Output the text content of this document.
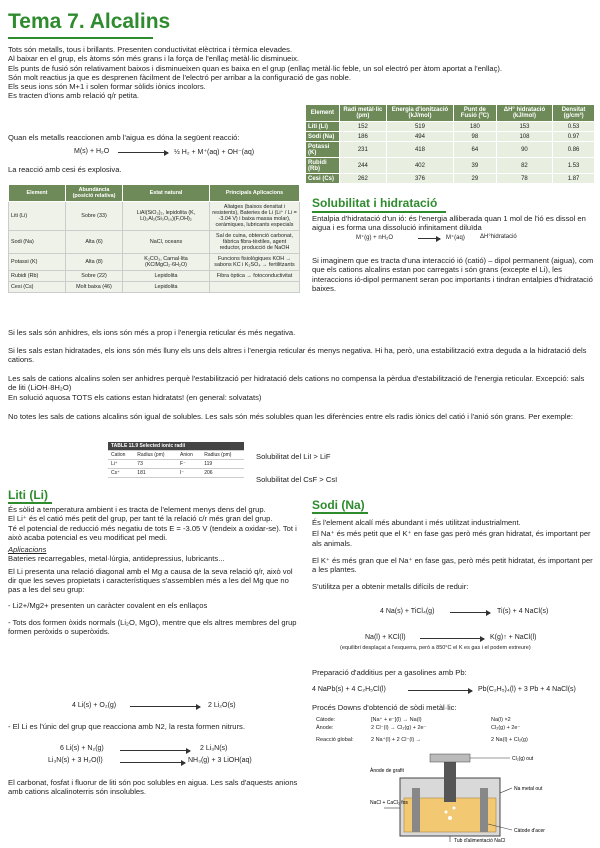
Tema 7. Alcalins

Tots són metalls, tous i brillants. Presenten conductivitat elèctrica i tèrmica elevades.

Al baixar en el grup, els àtoms són més grans i la força de l'enllaç metàl·lic disminueix.

Els punts de fusió són relativament baixos i disminueixen quan es baixa en el grup (enllaç metàl·lic feble, un sol electró per àtom aportat a l'enllaç).

Són molt reactius ja que es desprenen fàcilment de l'electró per arribar a la configuració de gas noble.

Els seus ions són M+1 i solen formar sòlids iònics incolors.

Es tracten d'ions amb relació q/r petita.

Quan els metalls reaccionen amb l'aigua es dóna la següent reacció:
M(s) + H₂O → ½ H₂ + M⁺(aq) + OH⁻(aq)
La reacció amb cesi és explosiva.
Element	Radi metàl·lic (pm)	Energia d'ionització (kJ/mol)	Punt de Fusió (ºC)	ΔH° hidratació (kJ/mol)	Densitat (g/cm³)
Liti (Li)	152	519	180	153	0.53
Sodi (Na)	186	494	98	108	0.97
Potassi (K)	231	418	64	90	0.86
Rubidi (Rb)	244	402	39	82	1.53
Cesi (Cs)	262	376	29	78	1.87
Element	Abundància (posició relativa)	Estat natural	Principals Aplicacions
Liti (Li)	Sobre (33)	LiAl(SiO₃)₂, lepidolita (K, Li)₂Al₂(Si₃O₁₀)(F,OH)₂	Aliatges (baixos densitat i resistents), Bateries de Li (Li⁺ / Li = -3.04 V) i baixa massa molar), ceràmiques, lubricants especials
Sodi (Na)	Alta (6)	NaCl, oceans	Sal de cuina, obtenció carbonat, fàbrica fibra-tèxtiles, agent reductor, producció de NaOH
Potassi (K)	Alta (8)	K₂CO₃, Carnal·lita (KClMgCl₂·6H₂O)	Funcions fisiològiques KOH → sabons KC i K₂SO₄ → fertilitzants
Rubidi (Rb)	Sobre (22)	Lepidolita	Fibra òptica → fotoconductivitat
Cesi (Cs)	Molt baixa (46)	Lepidolita	
Solubilitat i hidratació
Entalpia d'hidratació d'un ió: és l'energia alliberada quan 1 mol de l'ió es dissol en aigua i es forma una dissolució infinitament diluïda
M⁺(g) + nH₂O	M⁺(aq)	ΔH°hidratació
Si imaginem que es tracta d'una interacció ió (catió) – dipol permanent (aigua), com que els cations alcalins estan poc carregats i són grans (excepte el Li), les interaccions ió-dipol permanent seran poc importants i tindran entalpies d'hidratació baixes.
Si les sals són anhidres, els ions són més a prop i l'energia reticular és més negativa.
Si les sals estan hidratades, els ions són més lluny els uns dels altres i l'energia reticular és menys negativa. Hi ha, però, una estabilització extra deguda a la hidratació dels cations.
Les sals de cations alcalins solen ser anhidres perquè l'estabilització per hidratació dels cations no compensa la pèrdua d'estabilització de l'energia reticular. Excepció: sals de liti (LiOH·8H₂O)
En solució aquosa TOTS els cations estan hidratats! (en general: solvatats)
No totes les sals de cations alcalins són igual de solubles. Les sals són més solubles quan les diferències entre els radis iònics del catió i l'anió són grans. Per exemple:
TABLE 11.9 Selected ionic radii			
Cation	Radius (pm)	Anion	Radius (pm)
Li⁺	73	F⁻	119
Cs⁺	181	I⁻	206
Solubilitat del LiI > LiF
Solubilitat del CsF > CsI
Liti (Li)

És sòlid a temperatura ambient i es tracta de l'element menys dens del grup.

El Li⁺ és el catió més petit del grup, per tant té la relació c/r més gran del grup.

Té el potencial de reducció més negatiu de tots E = -3.05 V (tendeix a oxidar-se). Tot i això acaba potencial es veu modificat pel medi.

Aplicacions

Bateries recarregables, metal·lúrgia, antidepressius, lubricants...

El Li presenta una relació diagonal amb el Mg a causa de la seva relació q/r, això vol dir que les seves propietats i característiques s'assemblen més a les del Mg que no pas a les del seu grup:

- Li2+/Mg2+ presenten un caràcter covalent en els enllaços

- Tots dos formen òxids normals (Li₂O, MgO), mentre que els altres membres del grup formen peròxids o superòxids.

4 Li(s) + O₂(g)	2 Li₂O(s)
- El Li es l'únic del grup que reacciona amb N2, la resta formen nitrurs.
6 Li(s) + N₂(g)	2 Li₃N(s)
Li₃N(s) + 3 H₂O(l)	NH₃(g) + 3 LiOH(aq)
El carbonat, fosfat i fluorur de liti són poc solubles en aigua. Les sals d'aquests anions amb cations alcalinoterris són insolubles.
Sodi (Na)

És l'element alcalí més abundant i més utilitzat industrialment.

El Na⁺ és més petit que el K⁺ en fase gas però més gran hidratat, és important per als animals.

El K⁺ és més gran que el Na⁺ en fase gas, però més petit hidratat, és important per a les plantes.

S'utilitza per a obtenir metalls difícils de reduir:

4 Na(s) + TiCl₄(g)	Ti(s) + 4 NaCl(s)
Na(l) + KCl(l)	K(g)↑ + NaCl(l)
(equilibri desplaçat a l'esquerra, però a 850°C el K es gas i el podem extreure)
Preparació d'additius per a gasolines amb Pb:
4 NaPb(s) + 4 C₂H₅Cl(l)	Pb(C₂H₅)₄(l) + 3 Pb + 4 NaCl(s)
Procés Downs d'obtenció de sòdi metàl·lic:
Càtode:	[Na⁺ + e⁻](l) → Na(l)	Na(l) ×2
Ànode:	2 Cl⁻(l) → Cl₂(g) + 2e⁻	Cl₂(g) + 2e⁻
Reacció global:	2 Na⁺(l) + 2 Cl⁻(l) →	2 Na(l) + Cl₂(g)
Cl₂(g) out
Na metal out
NaCl + CaCl₂ fos
Ànode de grafit
Càtode d'acer
Tub d'alimentació NaCl
